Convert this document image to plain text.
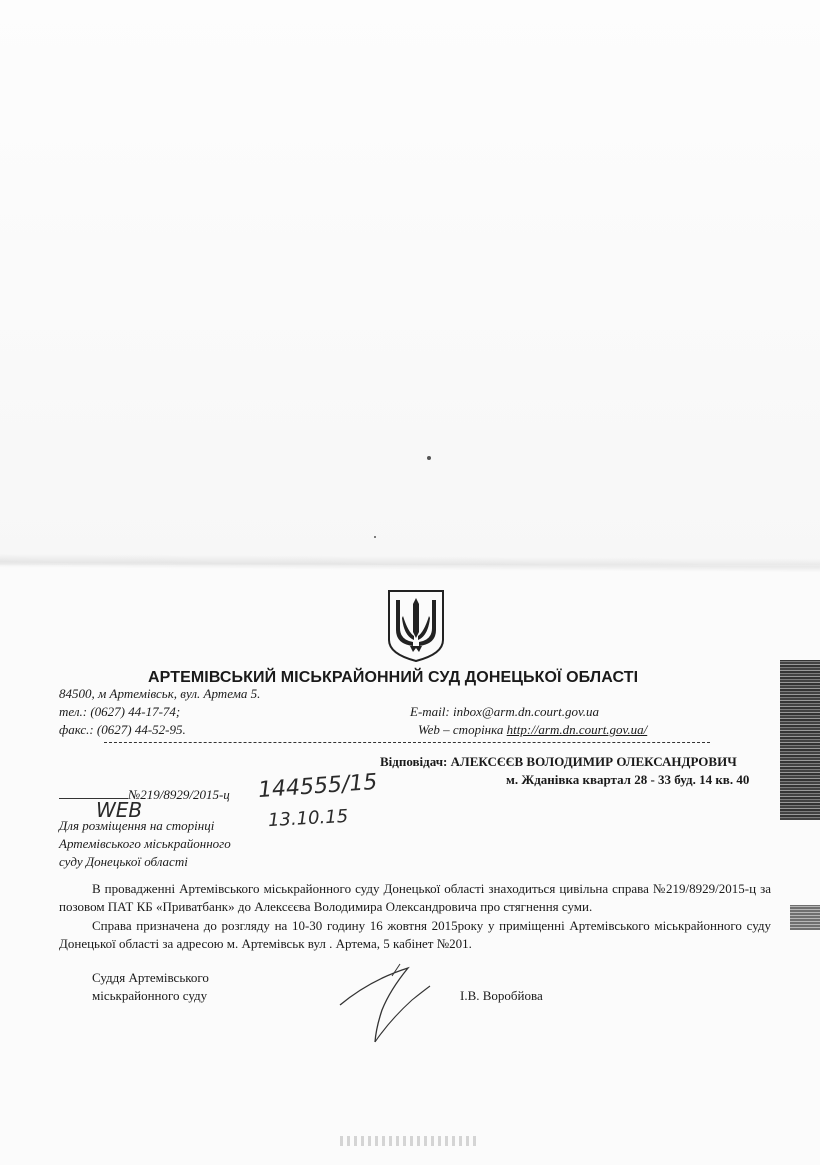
АРТЕМІВСЬКИЙ МІСЬКРАЙОННИЙ СУД ДОНЕЦЬКОЇ ОБЛАСТІ
84500, м Артемівськ, вул. Артема 5.
тел.: (0627) 44-17-74;
факс.: (0627) 44-52-95.
E-mail: inbox@arm.dn.court.gov.ua
Web – сторінка http://arm.dn.court.gov.ua/
Відповідач: АЛЕКСЄЄВ ВОЛОДИМИР ОЛЕКСАНДРОВИЧ
м. Жданівка квартал 28 - 33 буд. 14 кв. 40
№219/8929/2015-ц 144555/15
13.10.15
WEB
Для розміщення на сторінці
Артемівського міськрайонного
суду Донецької області
В провадженні Артемівського міськрайонного суду Донецької області знаходиться цивільна справа №219/8929/2015-ц за позовом ПАТ КБ «Приватбанк» до Алексєєва Володимира Олександровича про стягнення суми.
Справа призначена до розгляду на 10-30 годину 16 жовтня 2015року у приміщенні Артемівського міськрайонного суду Донецької області за адресою м. Артемівськ вул . Артема, 5 кабінет №201.
Суддя Артемівського
міськрайонного суду	І.В. Воробйова
